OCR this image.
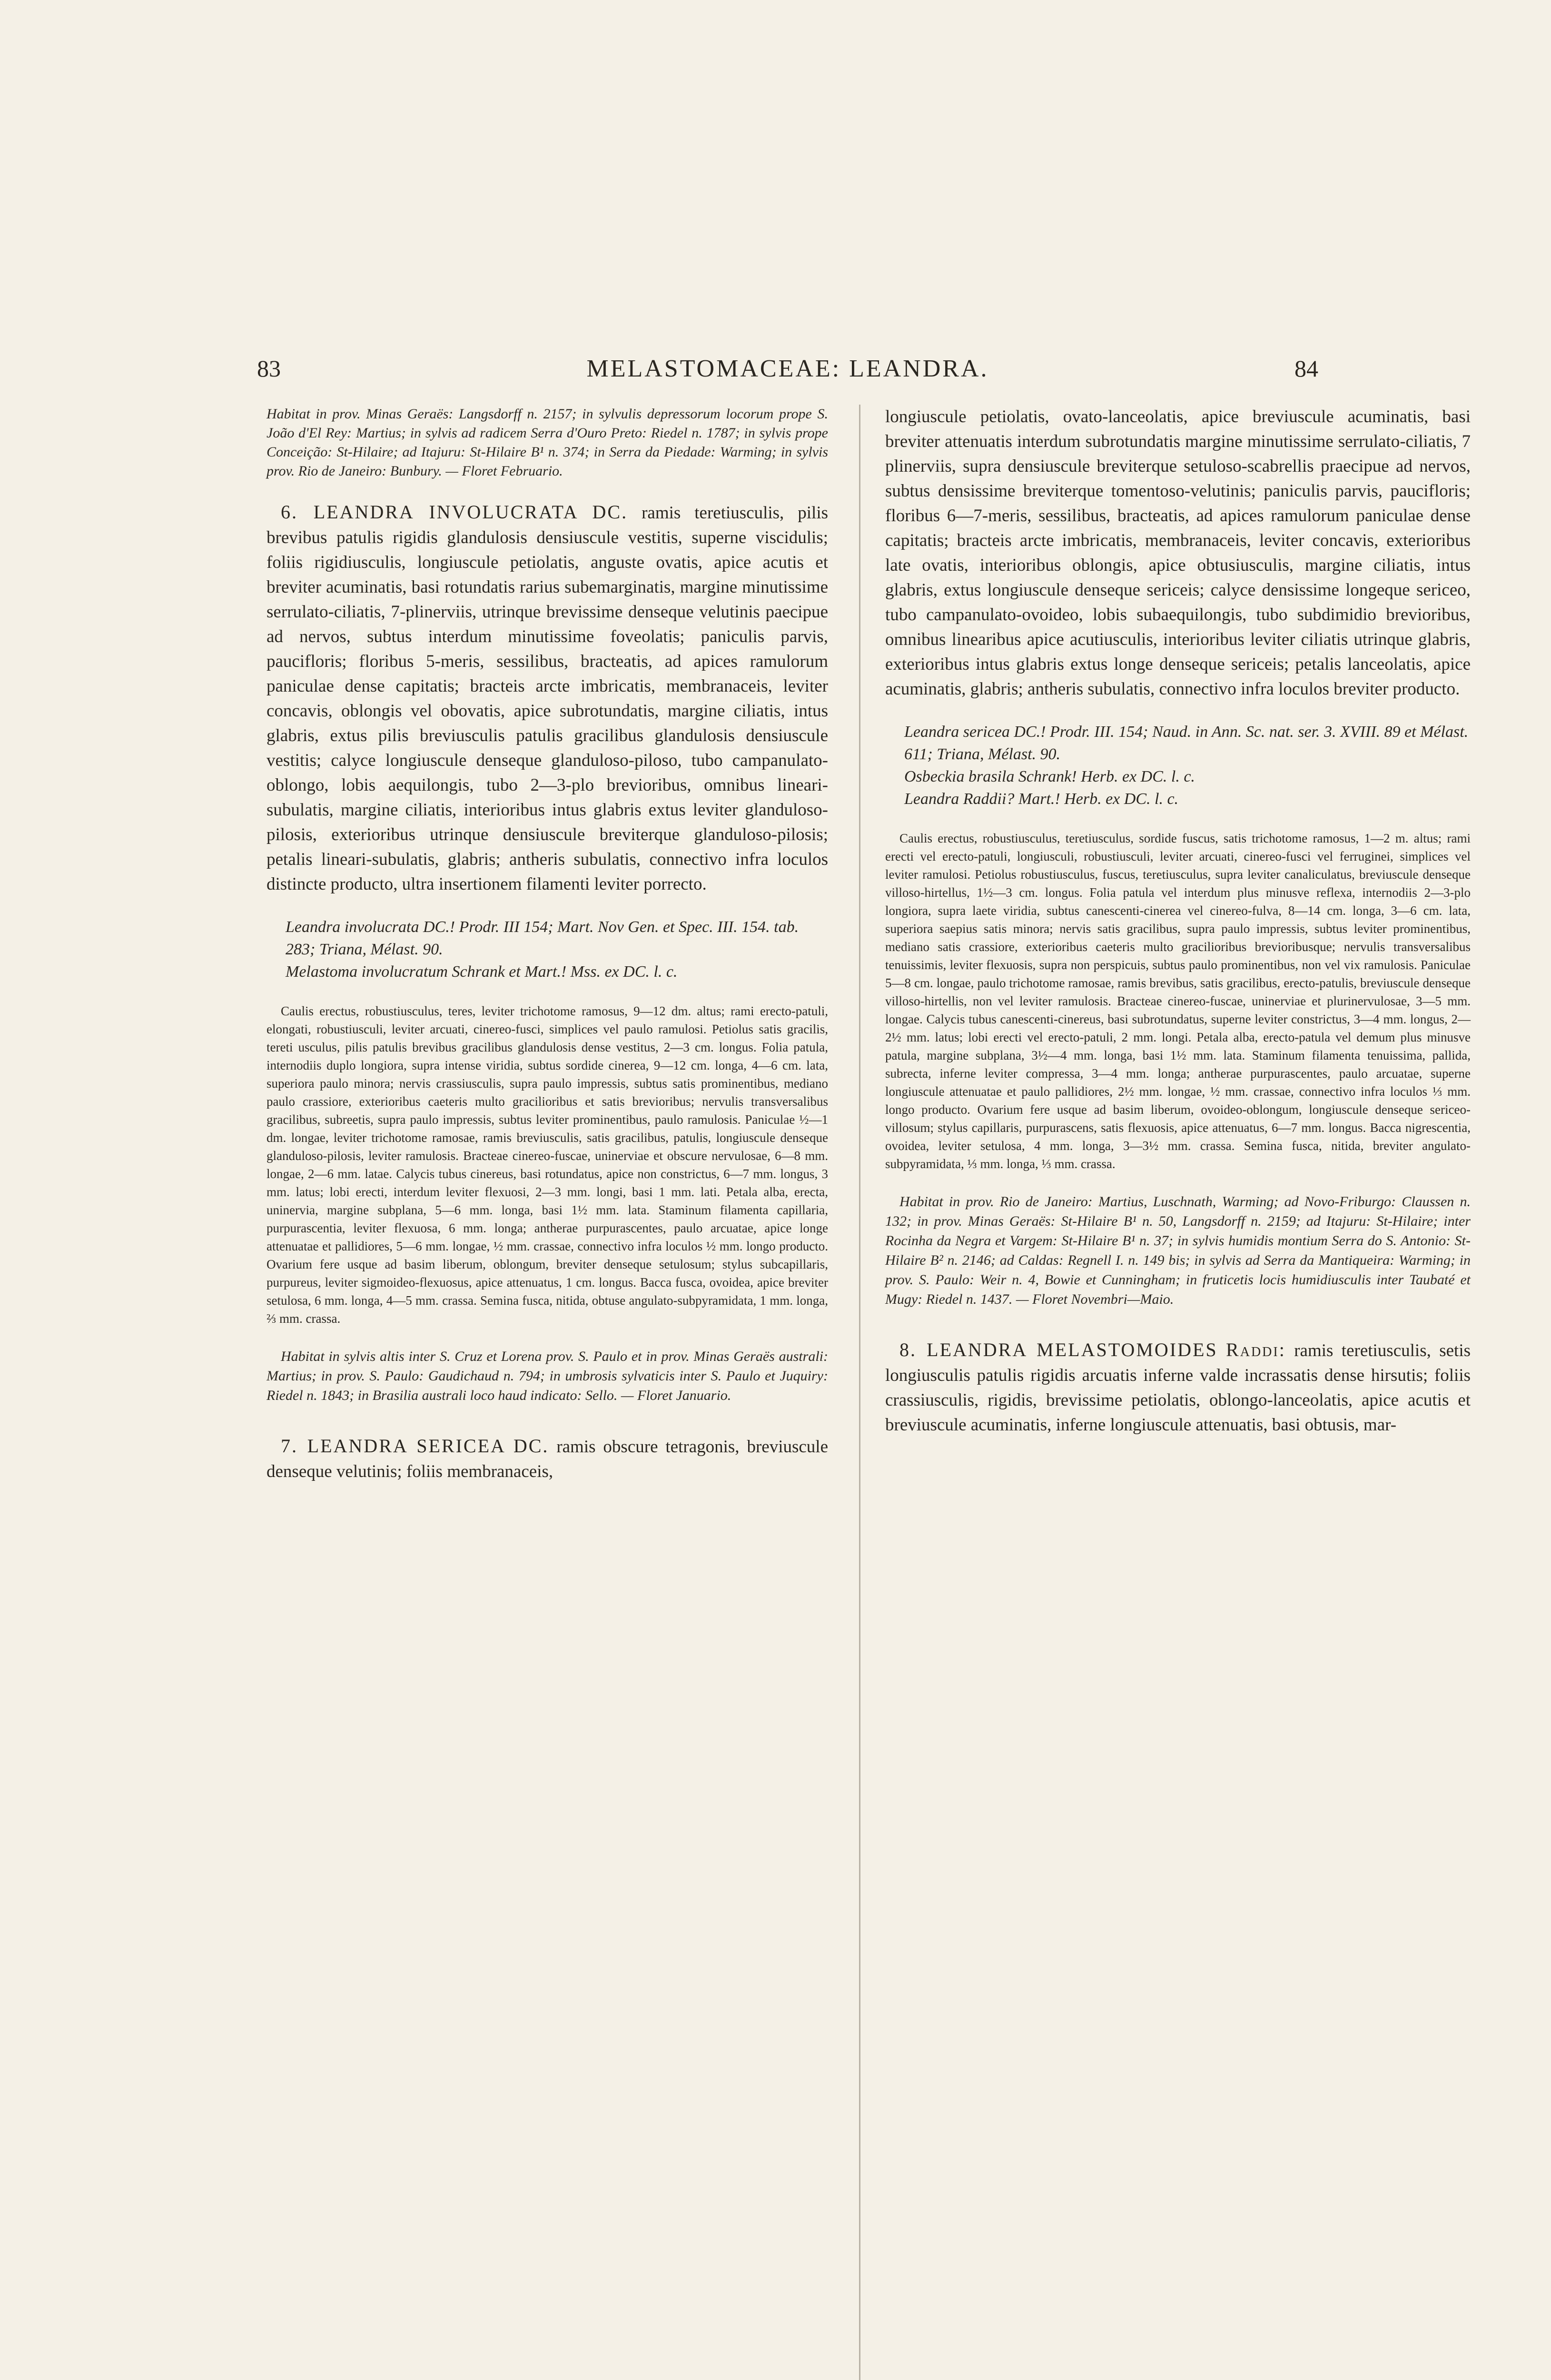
83	MELASTOMACEAE: LEANDRA.	84

Habitat in prov. Minas Geraës: Langsdorff n. 2157; in sylvulis depressorum locorum prope S. João d'El Rey: Martius; in sylvis ad radicem Serra d'Ouro Preto: Riedel n. 1787; in sylvis prope Conceição: St-Hilaire; ad Itajuru: St-Hilaire B¹ n. 374; in Serra da Piedade: Warming; in sylvis prov. Rio de Janeiro: Bunbury. — Floret Februario.

6. LEANDRA INVOLUCRATA DC. ramis teretiusculis, pilis brevibus patulis rigidis glandulosis densiuscule vestitis, superne viscidulis; foliis rigidiusculis, longiuscule petiolatis, anguste ovatis, apice acutis et breviter acuminatis, basi rotundatis rarius subemarginatis, margine minutissime serrulato-ciliatis, 7-plinerviis, utrinque brevissime denseque velutinis paecipue ad nervos, subtus interdum minutissime foveolatis; paniculis parvis, paucifloris; floribus 5-meris, sessilibus, bracteatis, ad apices ramulorum paniculae dense capitatis; bracteis arcte imbricatis, membranaceis, leviter concavis, oblongis vel obovatis, apice subrotundatis, margine ciliatis, intus glabris, extus pilis breviusculis patulis gracilibus glandulosis densiuscule vestitis; calyce longiuscule denseque glanduloso-piloso, tubo campanulato-oblongo, lobis aequilongis, tubo 2—3-plo brevioribus, omnibus lineari-subulatis, margine ciliatis, interioribus intus glabris extus leviter glanduloso-pilosis, exterioribus utrinque densiuscule breviterque glanduloso-pilosis; petalis lineari-subulatis, glabris; antheris subulatis, connectivo infra loculos distincte producto, ultra insertionem filamenti leviter porrecto.

Leandra involucrata DC.! Prodr. III 154; Mart. Nov Gen. et Spec. III. 154. tab. 283; Triana, Mélast. 90.

Melastoma involucratum Schrank et Mart.! Mss. ex DC. l. c.

Caulis erectus, robustiusculus, teres, leviter trichotome ramosus, 9—12 dm. altus; rami erecto-patuli, elongati, robustiusculi, leviter arcuati, cinereo-fusci, simplices vel paulo ramulosi. Petiolus satis gracilis, tereti usculus, pilis patulis brevibus gracilibus glandulosis dense vestitus, 2—3 cm. longus. Folia patula, internodiis duplo longiora, supra intense viridia, subtus sordide cinerea, 9—12 cm. longa, 4—6 cm. lata, superiora paulo minora; nervis crassiusculis, supra paulo impressis, subtus satis prominentibus, mediano paulo crassiore, exterioribus caeteris multo gracilioribus et satis brevioribus; nervulis transversalibus gracilibus, subreetis, supra paulo impressis, subtus leviter prominentibus, paulo ramulosis. Paniculae ½—1 dm. longae, leviter trichotome ramosae, ramis breviusculis, satis gracilibus, patulis, longiuscule denseque glanduloso-pilosis, leviter ramulosis. Bracteae cinereo-fuscae, uninerviae et obscure nervulosae, 6—8 mm. longae, 2—6 mm. latae. Calycis tubus cinereus, basi rotundatus, apice non constrictus, 6—7 mm. longus, 3 mm. latus; lobi erecti, interdum leviter flexuosi, 2—3 mm. longi, basi 1 mm. lati. Petala alba, erecta, uninervia, margine subplana, 5—6 mm. longa, basi 1½ mm. lata. Staminum filamenta capillaria, purpurascentia, leviter flexuosa, 6 mm. longa; antherae purpurascentes, paulo arcuatae, apice longe attenuatae et pallidiores, 5—6 mm. longae, ½ mm. crassae, connectivo infra loculos ½ mm. longo producto. Ovarium fere usque ad basim liberum, oblongum, breviter denseque setulosum; stylus subcapillaris, purpureus, leviter sigmoideo-flexuosus, apice attenuatus, 1 cm. longus. Bacca fusca, ovoidea, apice breviter setulosa, 6 mm. longa, 4—5 mm. crassa. Semina fusca, nitida, obtuse angulato-subpyramidata, 1 mm. longa, ⅔ mm. crassa.

Habitat in sylvis altis inter S. Cruz et Lorena prov. S. Paulo et in prov. Minas Geraës australi: Martius; in prov. S. Paulo: Gaudichaud n. 794; in umbrosis sylvaticis inter S. Paulo et Juquiry: Riedel n. 1843; in Brasilia australi loco haud indicato: Sello. — Floret Januario.

7. LEANDRA SERICEA DC. ramis obscure tetragonis, breviuscule denseque velutinis; foliis membranaceis,

longiuscule petiolatis, ovato-lanceolatis, apice breviuscule acuminatis, basi breviter attenuatis interdum subrotundatis margine minutissime serrulato-ciliatis, 7 plinerviis, supra densiuscule breviterque setuloso-scabrellis praecipue ad nervos, subtus densissime breviterque tomentoso-velutinis; paniculis parvis, paucifloris; floribus 6—7-meris, sessilibus, bracteatis, ad apices ramulorum paniculae dense capitatis; bracteis arcte imbricatis, membranaceis, leviter concavis, exterioribus late ovatis, interioribus oblongis, apice obtusiusculis, margine ciliatis, intus glabris, extus longiuscule denseque sericeis; calyce densissime longeque sericeo, tubo campanulato-ovoideo, lobis subaequilongis, tubo subdimidio brevioribus, omnibus linearibus apice acutiusculis, interioribus leviter ciliatis utrinque glabris, exterioribus intus glabris extus longe denseque sericeis; petalis lanceolatis, apice acuminatis, glabris; antheris subulatis, connectivo infra loculos breviter producto.

Leandra sericea DC.! Prodr. III. 154; Naud. in Ann. Sc. nat. ser. 3. XVIII. 89 et Mélast. 611; Triana, Mélast. 90.

Osbeckia brasila Schrank! Herb. ex DC. l. c.

Leandra Raddii? Mart.! Herb. ex DC. l. c.

Caulis erectus, robustiusculus, teretiusculus, sordide fuscus, satis trichotome ramosus, 1—2 m. altus; rami erecti vel erecto-patuli, longiusculi, robustiusculi, leviter arcuati, cinereo-fusci vel ferruginei, simplices vel leviter ramulosi. Petiolus robustiusculus, fuscus, teretiusculus, supra leviter canaliculatus, breviuscule denseque villoso-hirtellus, 1½—3 cm. longus. Folia patula vel interdum plus minusve reflexa, internodiis 2—3-plo longiora, supra laete viridia, subtus canescenti-cinerea vel cinereo-fulva, 8—14 cm. longa, 3—6 cm. lata, superiora saepius satis minora; nervis satis gracilibus, supra paulo impressis, subtus leviter prominentibus, mediano satis crassiore, exterioribus caeteris multo gracilioribus brevioribusque; nervulis transversalibus tenuissimis, leviter flexuosis, supra non perspicuis, subtus paulo prominentibus, non vel vix ramulosis. Paniculae 5—8 cm. longae, paulo trichotome ramosae, ramis brevibus, satis gracilibus, erecto-patulis, breviuscule denseque villoso-hirtellis, non vel leviter ramulosis. Bracteae cinereo-fuscae, uninerviae et plurinervulosae, 3—5 mm. longae. Calycis tubus canescenti-cinereus, basi subrotundatus, superne leviter constrictus, 3—4 mm. longus, 2—2½ mm. latus; lobi erecti vel erecto-patuli, 2 mm. longi. Petala alba, erecto-patula vel demum plus minusve patula, margine subplana, 3½—4 mm. longa, basi 1½ mm. lata. Staminum filamenta tenuissima, pallida, subrecta, inferne leviter compressa, 3—4 mm. longa; antherae purpurascentes, paulo arcuatae, superne longiuscule attenuatae et paulo pallidiores, 2½ mm. longae, ½ mm. crassae, connectivo infra loculos ⅓ mm. longo producto. Ovarium fere usque ad basim liberum, ovoideo-oblongum, longiuscule denseque sericeo-villosum; stylus capillaris, purpurascens, satis flexuosis, apice attenuatus, 6—7 mm. longus. Bacca nigrescentia, ovoidea, leviter setulosa, 4 mm. longa, 3—3½ mm. crassa. Semina fusca, nitida, breviter angulato-subpyramidata, ⅓ mm. longa, ⅓ mm. crassa.

Habitat in prov. Rio de Janeiro: Martius, Luschnath, Warming; ad Novo-Friburgo: Claussen n. 132; in prov. Minas Geraës: St-Hilaire B¹ n. 50, Langsdorff n. 2159; ad Itajuru: St-Hilaire; inter Rocinha da Negra et Vargem: St-Hilaire B¹ n. 37; in sylvis humidis montium Serra do S. Antonio: St-Hilaire B² n. 2146; ad Caldas: Regnell I. n. 149 bis; in sylvis ad Serra da Mantiqueira: Warming; in prov. S. Paulo: Weir n. 4, Bowie et Cunningham; in fruticetis locis humidiusculis inter Taubaté et Mugy: Riedel n. 1437. — Floret Novembri—Maio.

8. LEANDRA MELASTOMOIDES Raddi: ramis teretiusculis, setis longiusculis patulis rigidis arcuatis inferne valde incrassatis dense hirsutis; foliis crassiusculis, rigidis, brevissime petiolatis, oblongo-lanceolatis, apice acutis et breviuscule acuminatis, inferne longiuscule attenuatis, basi obtusis, mar-
